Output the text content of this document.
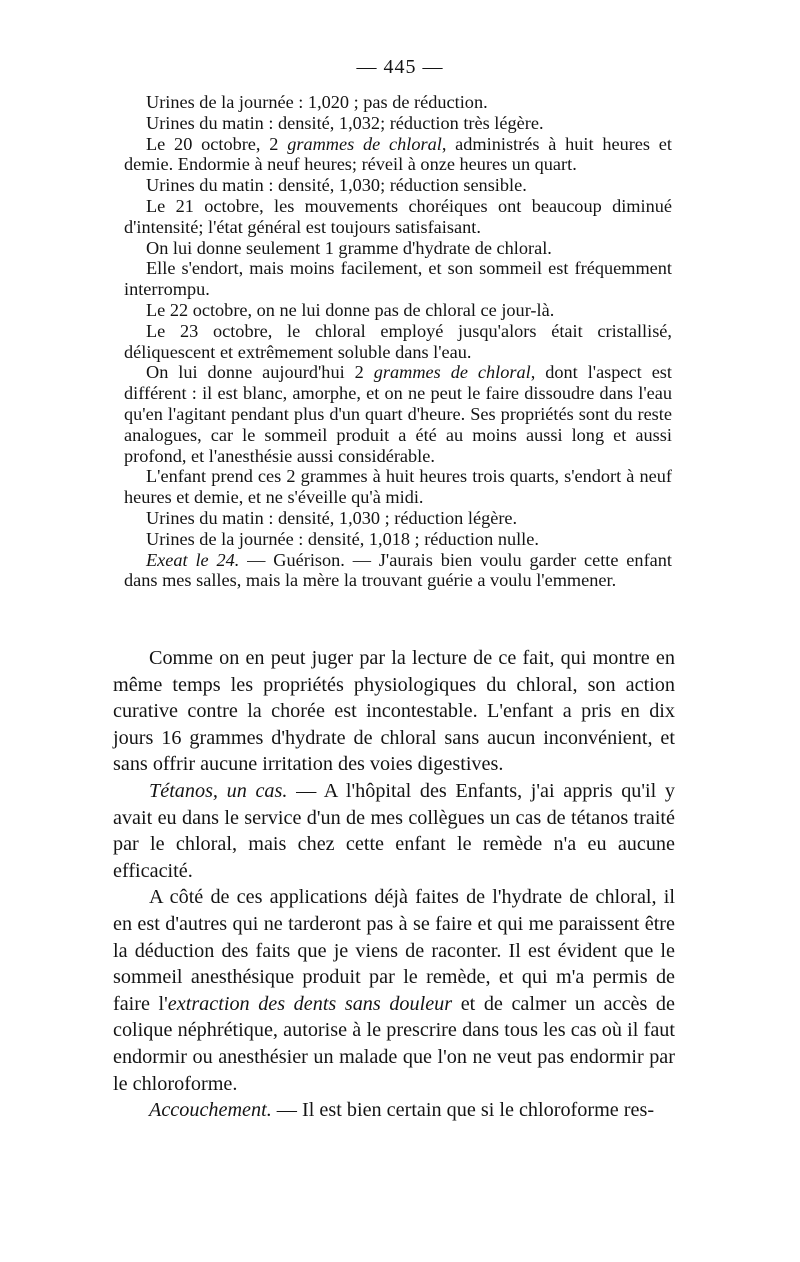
— 445 —

Urines de la journée : 1,020 ; pas de réduction.

Urines du matin : densité, 1,032; réduction très légère.

Le 20 octobre, 2 grammes de chloral, administrés à huit heures et demie. Endormie à neuf heures; réveil à onze heures un quart.

Urines du matin : densité, 1,030; réduction sensible.

Le 21 octobre, les mouvements choréiques ont beaucoup diminué d'intensité; l'état général est toujours satisfaisant.

On lui donne seulement 1 gramme d'hydrate de chloral.

Elle s'endort, mais moins facilement, et son sommeil est fréquemment interrompu.

Le 22 octobre, on ne lui donne pas de chloral ce jour-là.

Le 23 octobre, le chloral employé jusqu'alors était cristallisé, déliquescent et extrêmement soluble dans l'eau.

On lui donne aujourd'hui 2 grammes de chloral, dont l'aspect est différent : il est blanc, amorphe, et on ne peut le faire dissoudre dans l'eau qu'en l'agitant pendant plus d'un quart d'heure. Ses propriétés sont du reste analogues, car le sommeil produit a été au moins aussi long et aussi profond, et l'anesthésie aussi considérable.

L'enfant prend ces 2 grammes à huit heures trois quarts, s'endort à neuf heures et demie, et ne s'éveille qu'à midi.

Urines du matin : densité, 1,030 ; réduction légère.

Urines de la journée : densité, 1,018 ; réduction nulle.

Exeat le 24. — Guérison. — J'aurais bien voulu garder cette enfant dans mes salles, mais la mère la trouvant guérie a voulu l'emmener.

Comme on en peut juger par la lecture de ce fait, qui montre en même temps les propriétés physiologiques du chloral, son action curative contre la chorée est incontestable. L'enfant a pris en dix jours 16 grammes d'hydrate de chloral sans aucun inconvénient, et sans offrir aucune irritation des voies digestives.

Tétanos, un cas. — A l'hôpital des Enfants, j'ai appris qu'il y avait eu dans le service d'un de mes collègues un cas de tétanos traité par le chloral, mais chez cette enfant le remède n'a eu aucune efficacité.

A côté de ces applications déjà faites de l'hydrate de chloral, il en est d'autres qui ne tarderont pas à se faire et qui me paraissent être la déduction des faits que je viens de raconter. Il est évident que le sommeil anesthésique produit par le remède, et qui m'a permis de faire l'extraction des dents sans douleur et de calmer un accès de colique néphrétique, autorise à le prescrire dans tous les cas où il faut endormir ou anesthésier un malade que l'on ne veut pas endormir par le chloroforme.

Accouchement. — Il est bien certain que si le chloroforme res-
